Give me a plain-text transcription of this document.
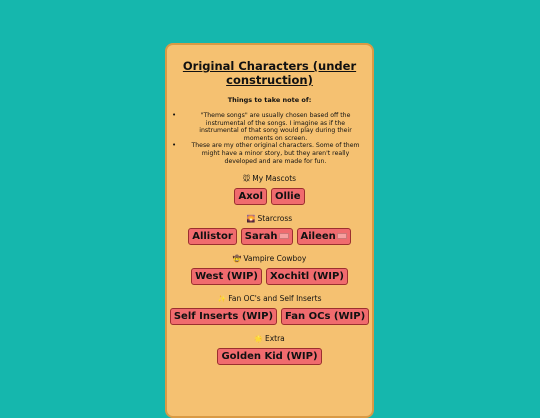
Original Characters (under construction)
Things to take note of:
• "Theme songs" are usually chosen based off the instrumental of the songs. I imagine as if the instrumental of that song would play during their moments on screen.
• These are my other original characters. Some of them might have a minor story, but they aren't really developed and are made for fun.
🐭 My Mascots
Axol	Ollie
🌄 Starcross
Allistor	Sarah	Aileen
🤠 Vampire Cowboy
West (WIP)	Xochitl (WIP)
✨ Fan OC's and Self Inserts
Self Inserts (WIP)	Fan OCs (WIP)
🌟 Extra
Golden Kid (WIP)
